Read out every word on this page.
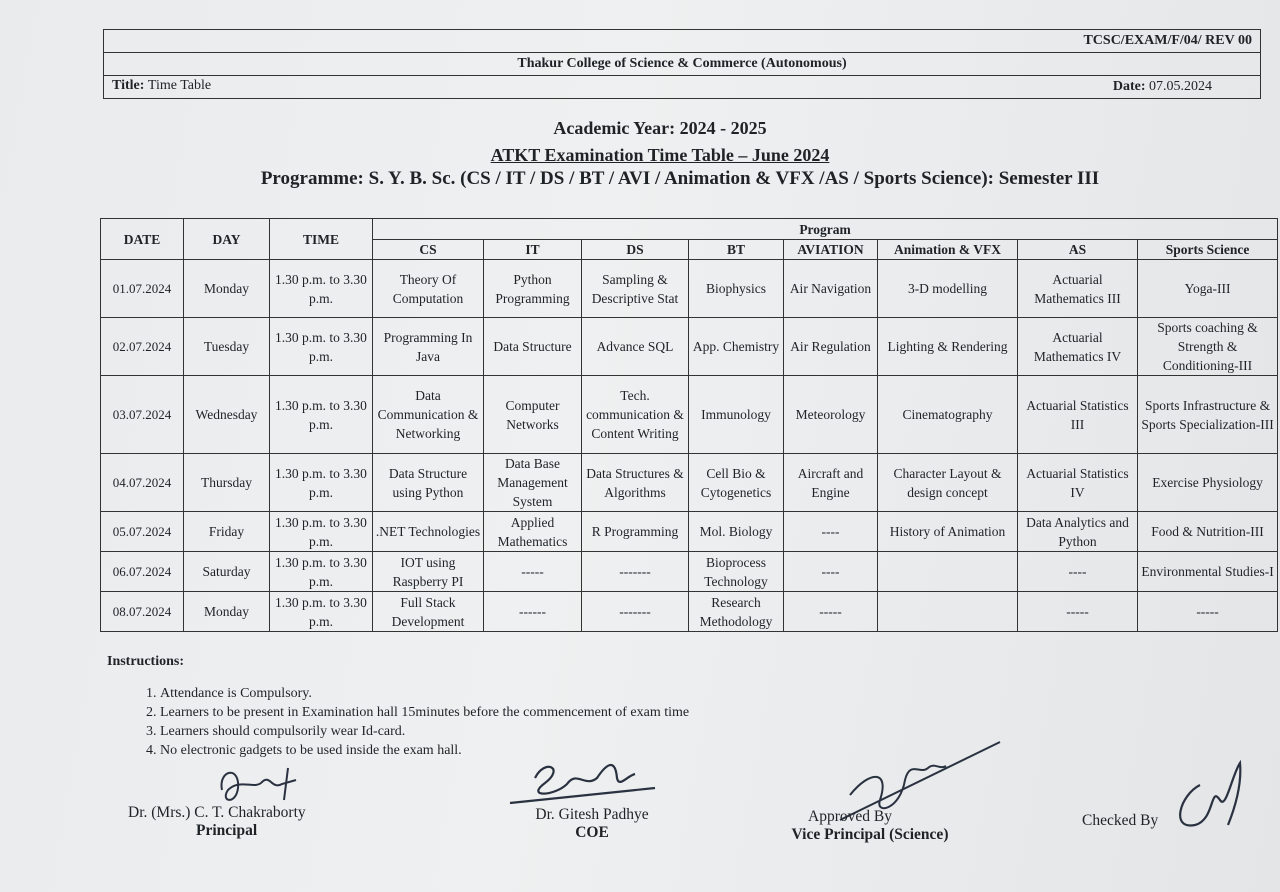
TCSC/EXAM/F/04/ REV 00
Thakur College of Science & Commerce (Autonomous)
Title: Time Table	Date: 07.05.2024
Academic Year: 2024 - 2025
ATKT Examination Time Table – June 2024
Programme: S. Y. B. Sc. (CS / IT / DS / BT / AVI / Animation & VFX /AS / Sports Science): Semester III
DATE	DAY	TIME	Program							
			CS	IT	DS	BT	AVIATION	Animation & VFX	AS	Sports Science
01.07.2024	Monday	1.30 p.m. to 3.30 p.m.	Theory Of Computation	Python Programming	Sampling & Descriptive Stat	Biophysics	Air Navigation	3-D modelling	Actuarial Mathematics III	Yoga-III
02.07.2024	Tuesday	1.30 p.m. to 3.30 p.m.	Programming In Java	Data Structure	Advance SQL	App. Chemistry	Air Regulation	Lighting & Rendering	Actuarial Mathematics IV	Sports coaching & Strength & Conditioning-III
03.07.2024	Wednesday	1.30 p.m. to 3.30 p.m.	Data Communication & Networking	Computer Networks	Tech. communication & Content Writing	Immunology	Meteorology	Cinematography	Actuarial Statistics III	Sports Infrastructure & Sports Specialization-III
04.07.2024	Thursday	1.30 p.m. to 3.30 p.m.	Data Structure using Python	Data Base Management System	Data Structures & Algorithms	Cell Bio & Cytogenetics	Aircraft and Engine	Character Layout & design concept	Actuarial Statistics IV	Exercise Physiology
05.07.2024	Friday	1.30 p.m. to 3.30 p.m.	.NET Technologies	Applied Mathematics	R Programming	Mol. Biology	----	History of Animation	Data Analytics and Python	Food & Nutrition-III
06.07.2024	Saturday	1.30 p.m. to 3.30 p.m.	IOT using Raspberry PI	-----	-------	Bioprocess Technology	----		----	Environmental Studies-I
08.07.2024	Monday	1.30 p.m. to 3.30 p.m.	Full Stack Development	------	-------	Research Methodology	-----		-----	-----
Instructions:
1. Attendance is Compulsory.
2. Learners to be present in Examination hall 15minutes before the commencement of exam time
3. Learners should compulsorily wear Id-card.
4. No electronic gadgets to be used inside the exam hall.
Dr. (Mrs.) C. T. Chakraborty
Principal
Dr. Gitesh Padhye
COE
Approved By
Vice Principal (Science)
Checked By
